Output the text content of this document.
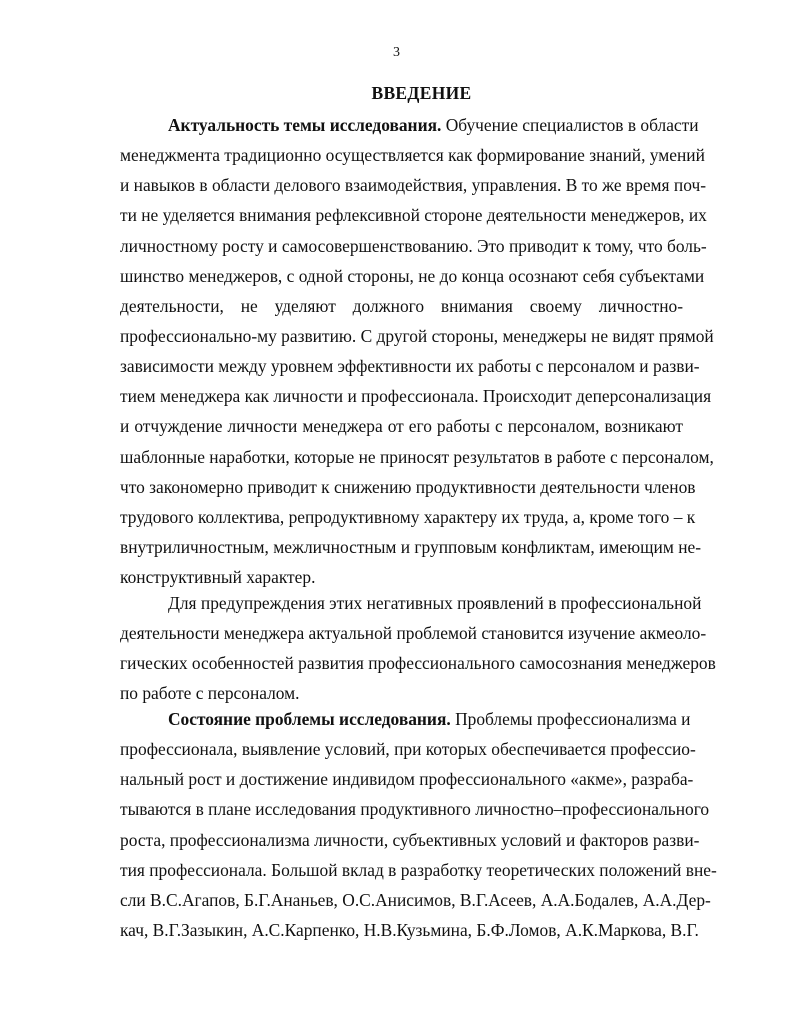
3
ВВЕДЕНИЕ
Актуальность темы исследования. Обучение специалистов в области
менеджмента традиционно осуществляется как формирование знаний, умений
и навыков в области делового взаимодействия, управления. В то же время поч-
ти не уделяется внимания рефлексивной стороне деятельности менеджеров, их
личностному росту и самосовершенствованию. Это приводит к тому, что боль-
шинство менеджеров, с одной стороны, не до конца осознают себя субъектами
деятельности, не уделяют должного внимания своему личностно-
профессионально-му развитию. С другой стороны, менеджеры не видят прямой
зависимости между уровнем эффективности их работы с персоналом и разви-
тием менеджера как личности и профессионала. Происходит деперсонализация
и отчуждение личности менеджера от его работы с персоналом, возникают
шаблонные наработки, которые не приносят результатов в работе с персоналом,
что закономерно приводит к снижению продуктивности деятельности членов
трудового коллектива, репродуктивному характеру их труда, а, кроме того – к
внутриличностным, межличностным и групповым конфликтам, имеющим не-
конструктивный характер.
Для предупреждения этих негативных проявлений в профессиональной
деятельности менеджера актуальной проблемой становится изучение акмеоло-
гических особенностей развития профессионального самосознания менеджеров
по работе с персоналом.
Состояние проблемы исследования. Проблемы профессионализма и
профессионала, выявление условий, при которых обеспечивается профессио-
нальный рост и достижение индивидом профессионального «акме», разраба-
тываются в плане исследования продуктивного личностно–профессионального
роста, профессионализма личности, субъективных условий и факторов разви-
тия профессионала. Большой вклад в разработку теоретических положений вне-
сли В.С.Агапов, Б.Г.Ананьев, О.С.Анисимов, В.Г.Асеев, А.А.Бодалев, А.А.Дер-
кач, В.Г.Зазыкин, А.С.Карпенко, Н.В.Кузьмина, Б.Ф.Ломов, А.К.Маркова, В.Г.
